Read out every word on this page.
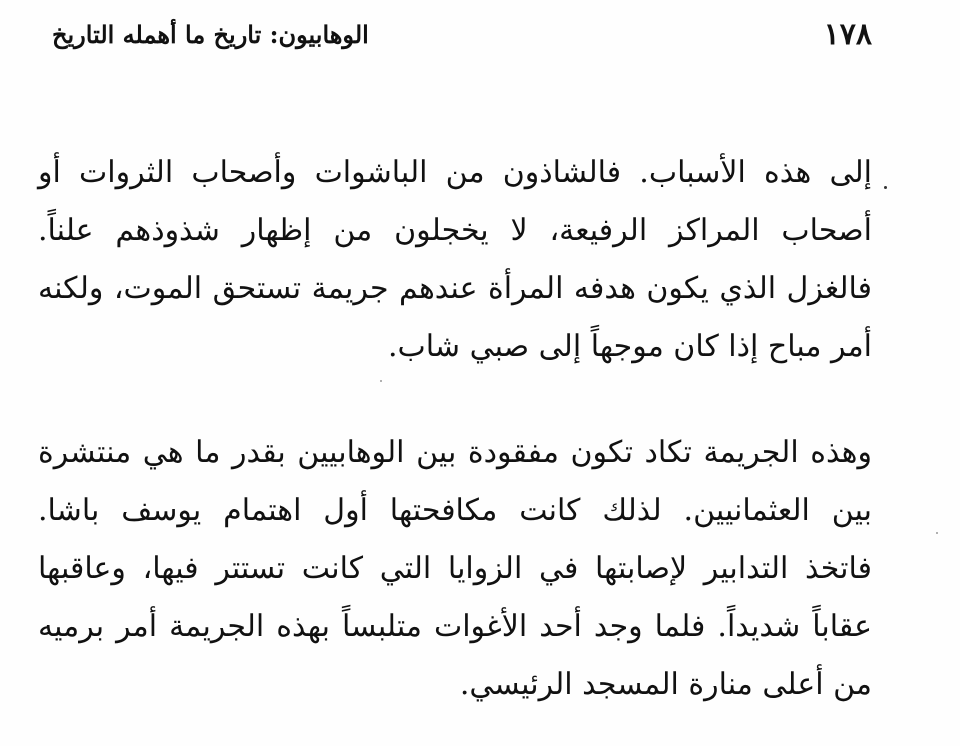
الوهابيون: تاريخ ما أهمله التاريخ	١٧٨
إلى هذه الأسباب. فالشاذون من الباشوات وأصحاب الثروات أو
أصحاب المراكز الرفيعة، لا يخجلون من إظهار شذوذهم علناً.
فالغزل الذي يكون هدفه المرأة عندهم جريمة تستحق الموت، ولكنه
أمر مباح إذا كان موجهاً إلى صبي شاب.
وهذه الجريمة تكاد تكون مفقودة بين الوهابيين بقدر ما هي منتشرة
بين العثمانيين. لذلك كانت مكافحتها أول اهتمام يوسف باشا.
فاتخذ التدابير لإصابتها في الزوايا التي كانت تستتر فيها، وعاقبها
عقاباً شديداً. فلما وجد أحد الأغوات متلبساً بهذه الجريمة أمر برميه
من أعلى منارة المسجد الرئيسي.
